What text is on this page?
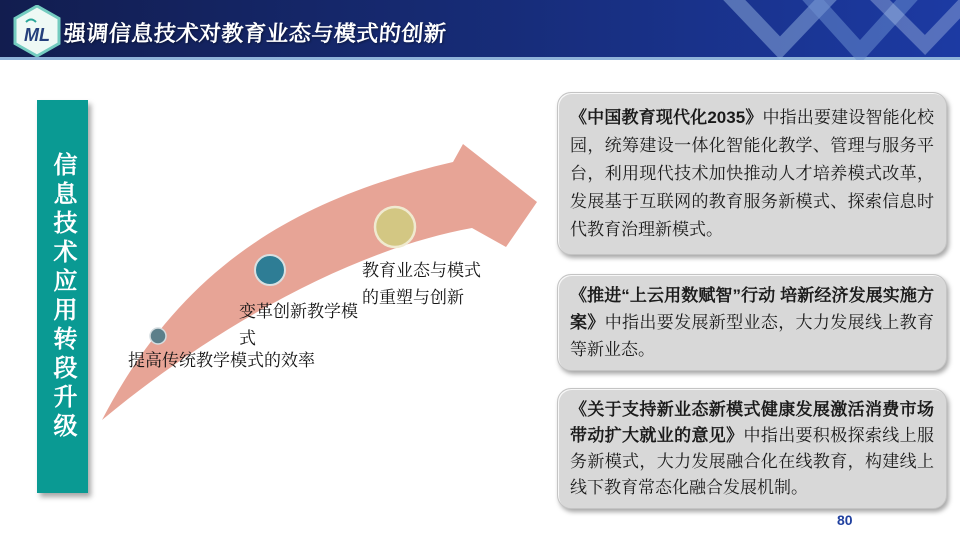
ML 强调信息技术对教育业态与模式的创新
信息技术应用转段升级	提高传统教学模式的效率
变革创新教学模式
教育业态与模式的重塑与创新
《中国教育现代化2035》中指出要建设智能化校园，统筹建设一体化智能化教学、管理与服务平台，利用现代技术加快推动人才培养模式改革，发展基于互联网的教育服务新模式、探索信息时代教育治理新模式。
《推进“上云用数赋智”行动 培新经济发展实施方案》中指出要发展新型业态，大力发展线上教育等新业态。
《关于支持新业态新模式健康发展激活消费市场带动扩大就业的意见》中指出要积极探索线上服务新模式，大力发展融合化在线教育，构建线上线下教育常态化融合发展机制。
80
